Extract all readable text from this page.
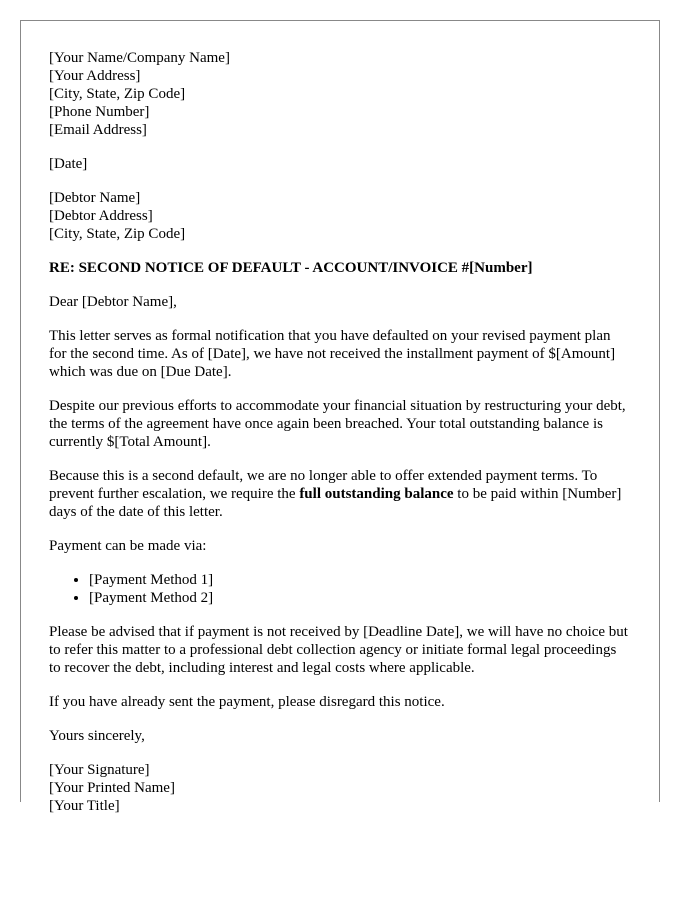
[Your Name/Company Name]
[Your Address]
[City, State, Zip Code]
[Phone Number]
[Email Address]
[Date]
[Debtor Name]
[Debtor Address]
[City, State, Zip Code]
RE: SECOND NOTICE OF DEFAULT - ACCOUNT/INVOICE #[Number]

Dear [Debtor Name],

This letter serves as formal notification that you have defaulted on your revised payment plan for the second time. As of [Date], we have not received the installment payment of $[Amount] which was due on [Due Date].

Despite our previous efforts to accommodate your financial situation by restructuring your debt, the terms of the agreement have once again been breached. Your total outstanding balance is currently $[Total Amount].

Because this is a second default, we are no longer able to offer extended payment terms. To prevent further escalation, we require the full outstanding balance to be paid within [Number] days of the date of this letter.

Payment can be made via:

• [Payment Method 1]
• [Payment Method 2]

Please be advised that if payment is not received by [Deadline Date], we will have no choice but to refer this matter to a professional debt collection agency or initiate formal legal proceedings to recover the debt, including interest and legal costs where applicable.

If you have already sent the payment, please disregard this notice.

Yours sincerely,

[Your Signature]
[Your Printed Name]
[Your Title]
